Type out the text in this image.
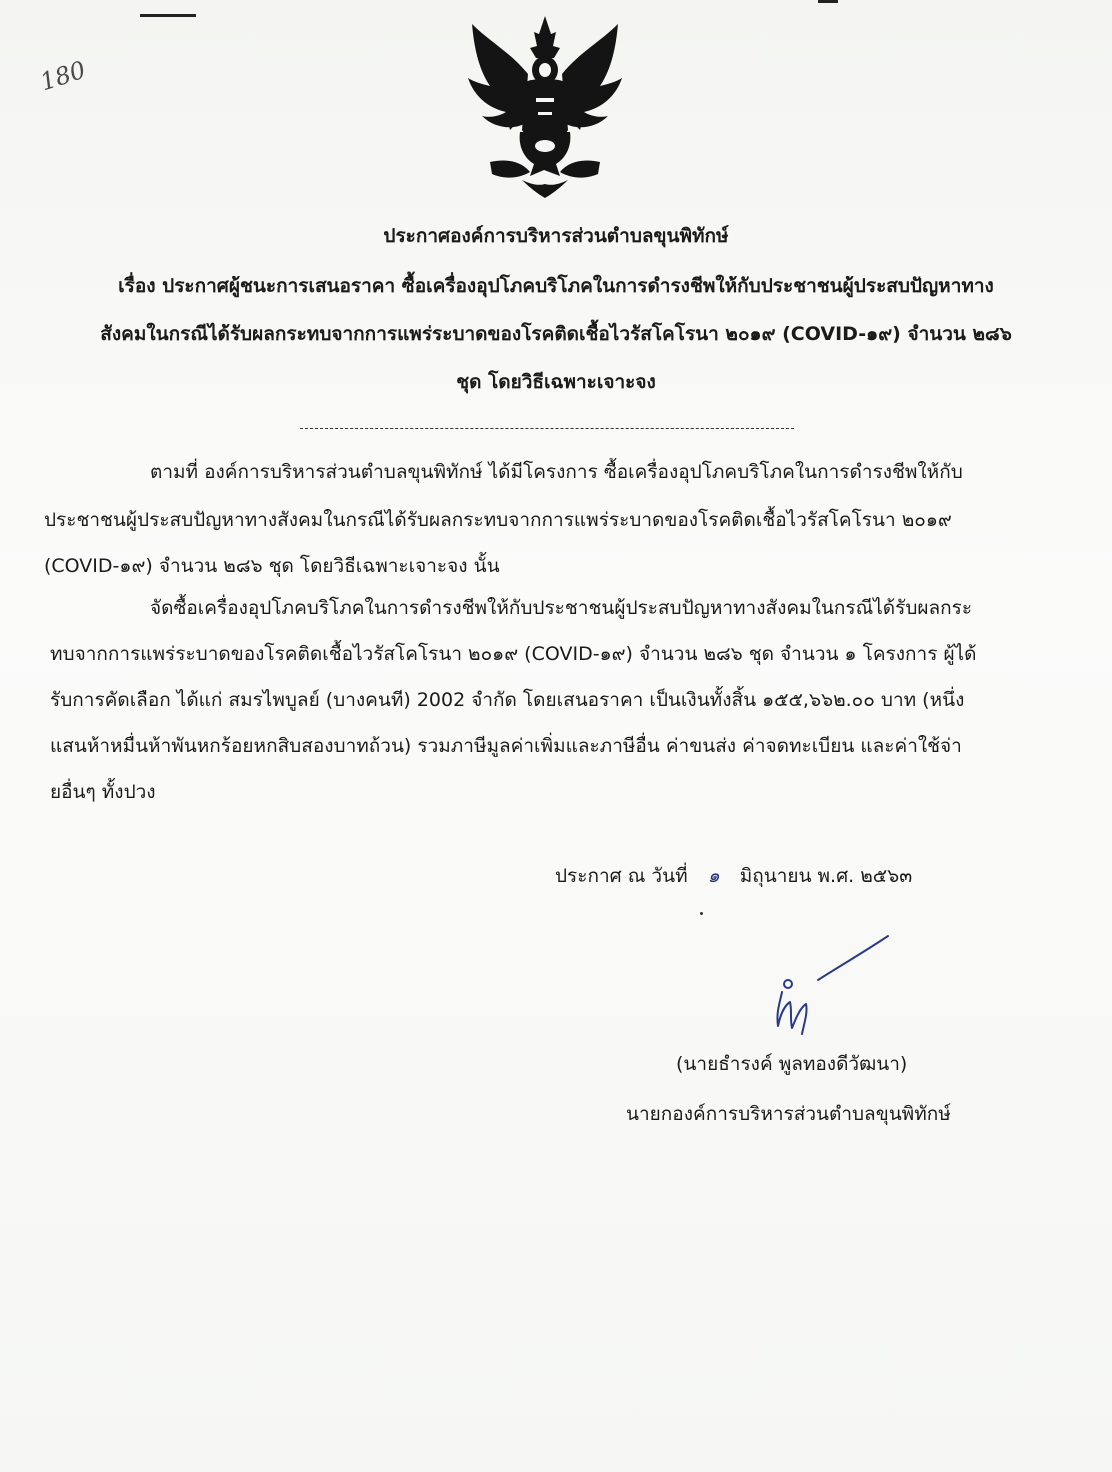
180
ประกาศองค์การบริหารส่วนตำบลขุนพิทักษ์
เรื่อง ประกาศผู้ชนะการเสนอราคา ซื้อเครื่องอุปโภคบริโภคในการดำรงชีพให้กับประชาชนผู้ประสบปัญหาทาง
สังคมในกรณีได้รับผลกระทบจากการแพร่ระบาดของโรคติดเชื้อไวรัสโคโรนา ๒๐๑๙ (COVID-๑๙) จำนวน ๒๘๖
ชุด โดยวิธีเฉพาะเจาะจง
ตามที่ องค์การบริหารส่วนตำบลขุนพิทักษ์ ได้มีโครงการ ซื้อเครื่องอุปโภคบริโภคในการดำรงชีพให้กับ
ประชาชนผู้ประสบปัญหาทางสังคมในกรณีได้รับผลกระทบจากการแพร่ระบาดของโรคติดเชื้อไวรัสโคโรนา ๒๐๑๙
(COVID-๑๙) จำนวน ๒๘๖ ชุด โดยวิธีเฉพาะเจาะจง นั้น
จัดซื้อเครื่องอุปโภคบริโภคในการดำรงชีพให้กับประชาชนผู้ประสบปัญหาทางสังคมในกรณีได้รับผลกระ
ทบจากการแพร่ระบาดของโรคติดเชื้อไวรัสโคโรนา ๒๐๑๙ (COVID-๑๙) จำนวน ๒๘๖ ชุด จำนวน ๑ โครงการ ผู้ได้
รับการคัดเลือก ได้แก่ สมรไพบูลย์ (บางคนที) 2002 จำกัด โดยเสนอราคา เป็นเงินทั้งสิ้น ๑๕๕,๖๖๒.๐๐ บาท (หนึ่ง
แสนห้าหมื่นห้าพันหกร้อยหกสิบสองบาทถ้วน) รวมภาษีมูลค่าเพิ่มและภาษีอื่น ค่าขนส่ง ค่าจดทะเบียน และค่าใช้จ่า
ยอื่นๆ ทั้งปวง
ประกาศ ณ วันที่ ๑ มิถุนายน พ.ศ. ๒๕๖๓
(นายธำรงค์ พูลทองดีวัฒนา)
นายกองค์การบริหารส่วนตำบลขุนพิทักษ์
